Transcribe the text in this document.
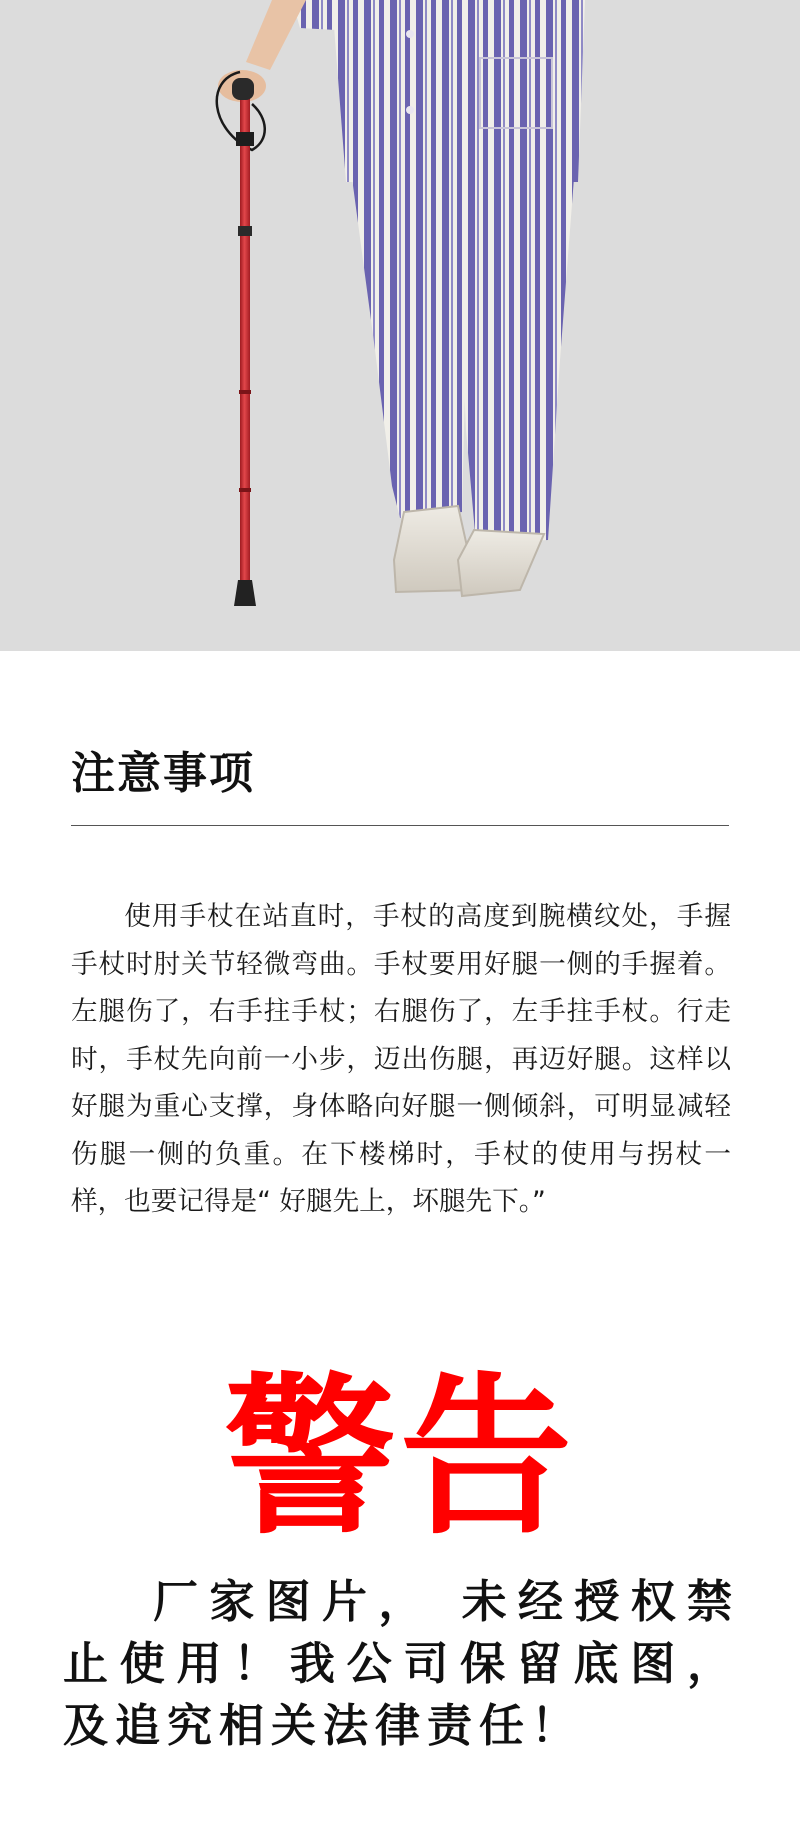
注意事项

使用手杖在站直时，手杖的高度到腕横纹处，手握手杖时肘关节轻微弯曲。手杖要用好腿一侧的手握着。左腿伤了，右手拄手杖；右腿伤了，左手拄手杖。行走时，手杖先向前一小步，迈出伤腿，再迈好腿。这样以好腿为重心支撑，身体略向好腿一侧倾斜，可明显减轻伤腿一侧的负重。在下楼梯时，手杖的使用与拐杖一样，也要记得是“ 好腿先上，坏腿先下。”

警告

厂家图片， 未经授权禁止使用！我公司保留底图， 及追究相关法律责任！
